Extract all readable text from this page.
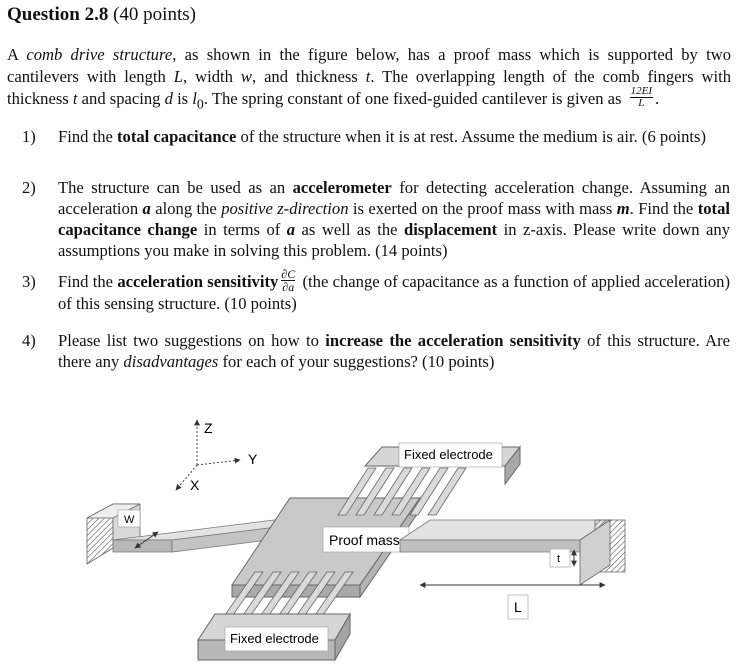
Question 2.8 (40 points)

A comb drive structure, as shown in the figure below, has a proof mass which is supported by two cantilevers with length L, width w, and thickness t. The overlapping length of the comb fingers with thickness t and spacing d is $l_0$. The spring constant of one fixed-guided cantilever is given as $\frac{12EI}{L}$ .

1)	Find the total capacitance of the structure when it is at rest. Assume the medium is air. (6 points)
2)	The structure can be used as an accelerometer for detecting acceleration change. Assuming an acceleration a along the positive z-direction is exerted on the proof mass with mass m. Find the total capacitance change in terms of a as well as the displacement in z-axis. Please write down any assumptions you make in solving this problem. (14 points)
3)	Find the acceleration sensitivity $\frac{\partial C}{\partial a} (the$ change of capacitance as a function of applied acceleration) of this sensing structure. (10 points)
4)	Please list two suggestions on how to increase the acceleration sensitivity of this structure. Are there any disadvantages for each of your suggestions? (10 points)
Z
Y
X
W
Proof mass
t
L
Fixed electrode
Fixed electrode
